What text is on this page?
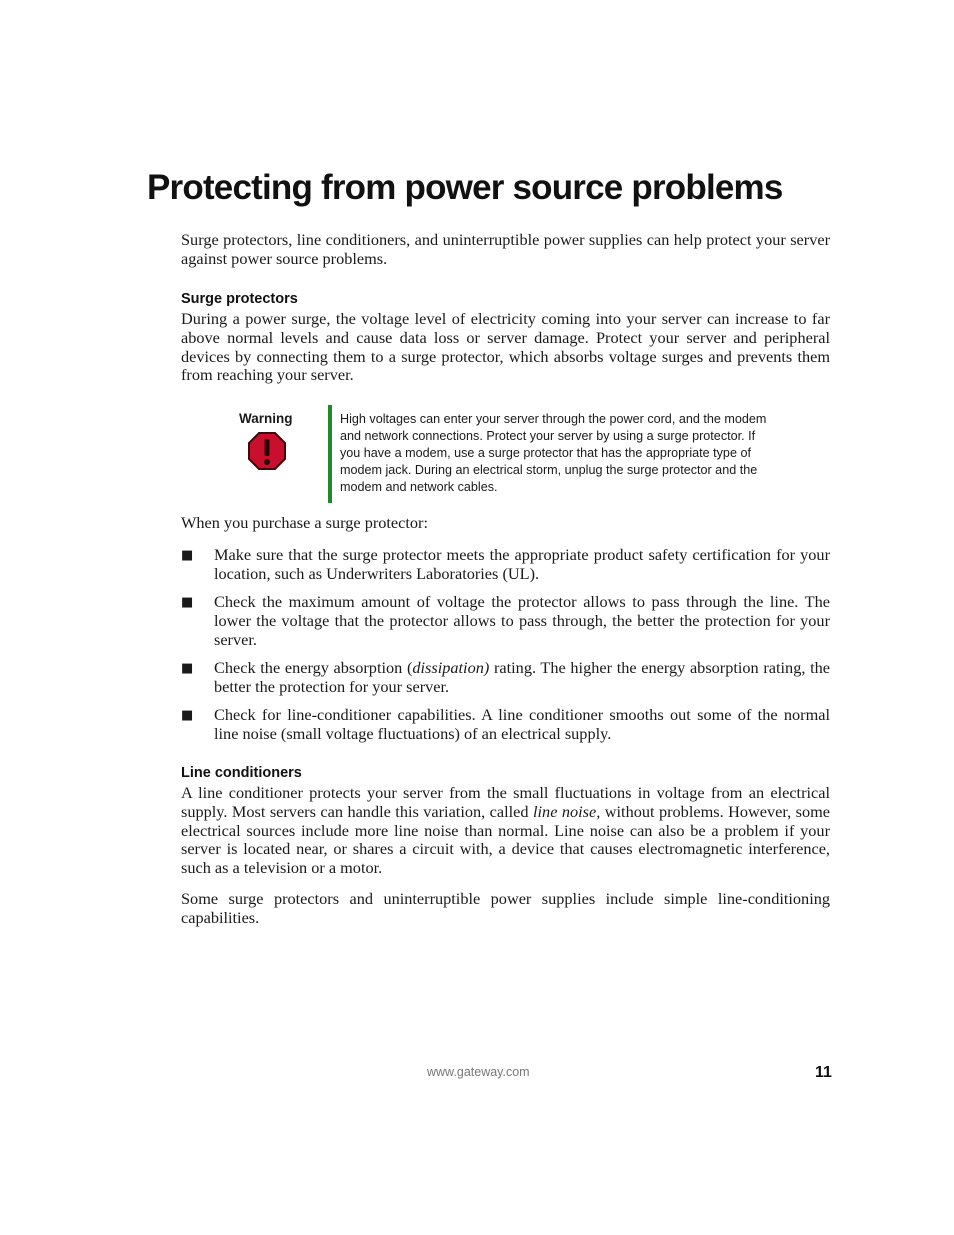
Protecting from power source problems

Surge protectors, line conditioners, and uninterruptible power supplies can help protect your server against power source problems.

Surge protectors

During a power surge, the voltage level of electricity coming into your server can increase to far above normal levels and cause data loss or server damage. Protect your server and peripheral devices by connecting them to a surge protector, which absorbs voltage surges and prevents them from reaching your server.

Warning	High voltages can enter your server through the power cord, and the modem and network connections. Protect your server by using a surge protector. If you have a modem, use a surge protector that has the appropriate type of modem jack. During an electrical storm, unplug the surge protector and the modem and network cables.

When you purchase a surge protector:

■ Make sure that the surge protector meets the appropriate product safety certification for your location, such as Underwriters Laboratories (UL).
■ Check the maximum amount of voltage the protector allows to pass through the line. The lower the voltage that the protector allows to pass through, the better the protection for your server.
■ Check the energy absorption (dissipation) rating. The higher the energy absorption rating, the better the protection for your server.
■ Check for line-conditioner capabilities. A line conditioner smooths out some of the normal line noise (small voltage fluctuations) of an electrical supply.
Line conditioners

A line conditioner protects your server from the small fluctuations in voltage from an electrical supply. Most servers can handle this variation, called line noise, without problems. However, some electrical sources include more line noise than normal. Line noise can also be a problem if your server is located near, or shares a circuit with, a device that causes electromagnetic interference, such as a television or a motor.

Some surge protectors and uninterruptible power supplies include simple line-conditioning capabilities.

www.gateway.com	11
